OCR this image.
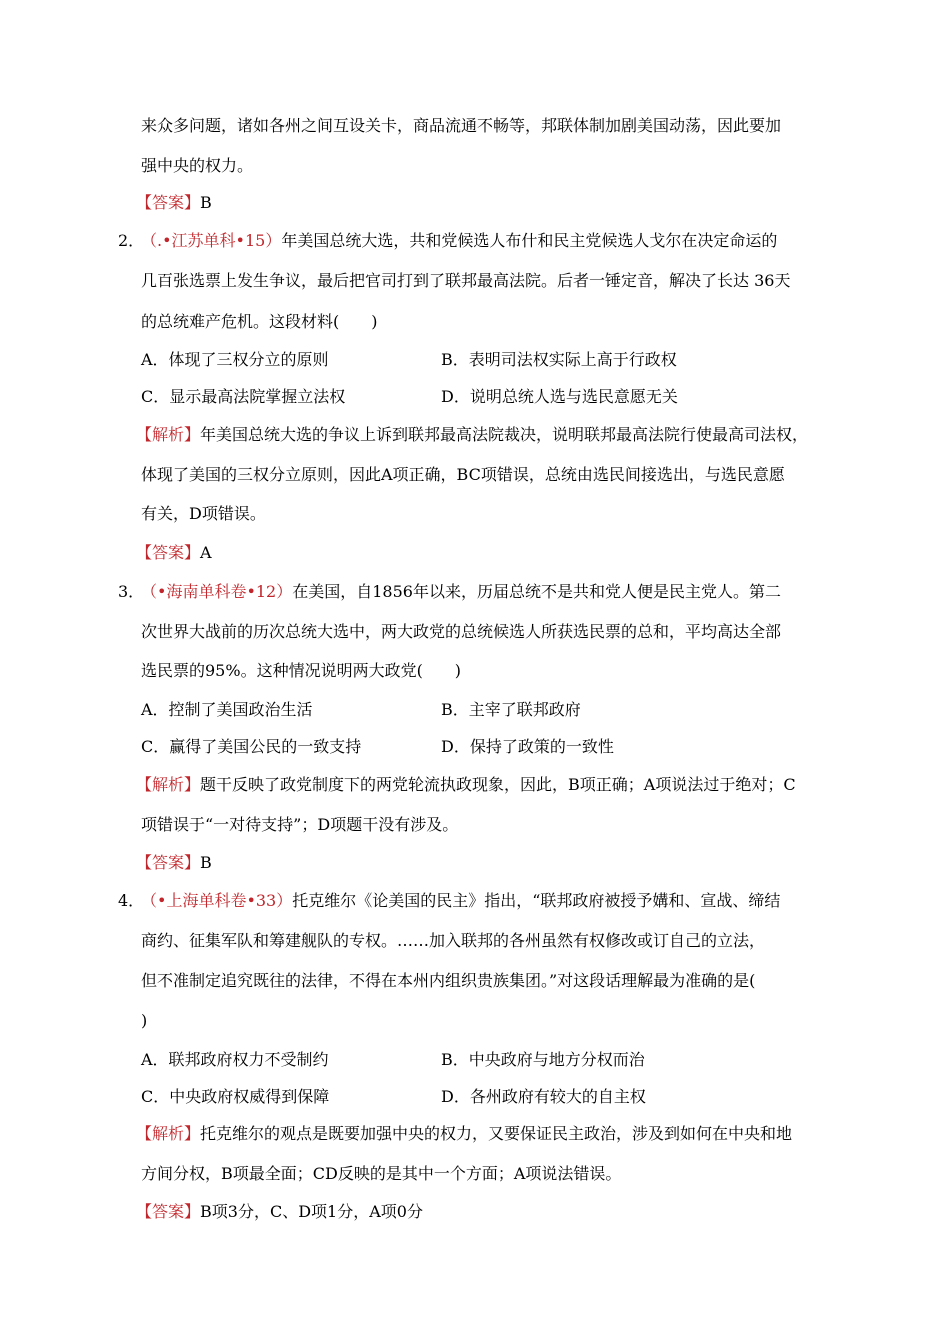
来众多问题，诸如各州之间互设关卡，商品流通不畅等，邦联体制加剧美国动荡，因此要加
强中央的权力。
【答案】B
2．
（.•江苏单科•15）年美国总统大选，共和党候选人布什和民主党候选人戈尔在决定命运的
几百张选票上发生争议，最后把官司打到了联邦最高法院。后者一锤定音，解决了长达 36天
的总统难产危机。这段材料(　　)
A．体现了三权分立的原则	B．表明司法权实际上高于行政权
C．显示最高法院掌握立法权	D．说明总统人选与选民意愿无关
【解析】年美国总统大选的争议上诉到联邦最高法院裁决，说明联邦最高法院行使最高司法权，
体现了美国的三权分立原则，因此A项正确，BC项错误，总统由选民间接选出，与选民意愿
有关，D项错误。
【答案】A
3．
（•海南单科卷•12）在美国，自1856年以来，历届总统不是共和党人便是民主党人。第二
次世界大战前的历次总统大选中，两大政党的总统候选人所获选民票的总和，平均高达全部
选民票的95%。这种情况说明两大政党(　　)
A．控制了美国政治生活	B．主宰了联邦政府
C．赢得了美国公民的一致支持	D．保持了政策的一致性
【解析】题干反映了政党制度下的两党轮流执政现象，因此，B项正确；A项说法过于绝对；C
项错误于“一对待支持”；D项题干没有涉及。
【答案】B
4．
（•上海单科卷•33）托克维尔《论美国的民主》指出，“联邦政府被授予媾和、宣战、缔结
商约、征集军队和筹建舰队的专权。……加入联邦的各州虽然有权修改或订自己的立法，
但不准制定追究既往的法律，不得在本州内组织贵族集团。”对这段话理解最为准确的是(
)
A．联邦政府权力不受制约	B．中央政府与地方分权而治
C．中央政府权威得到保障	D．各州政府有较大的自主权
【解析】托克维尔的观点是既要加强中央的权力，又要保证民主政治，涉及到如何在中央和地
方间分权，B项最全面；CD反映的是其中一个方面；A项说法错误。
【答案】B项3分，C、D项1分，A项0分
